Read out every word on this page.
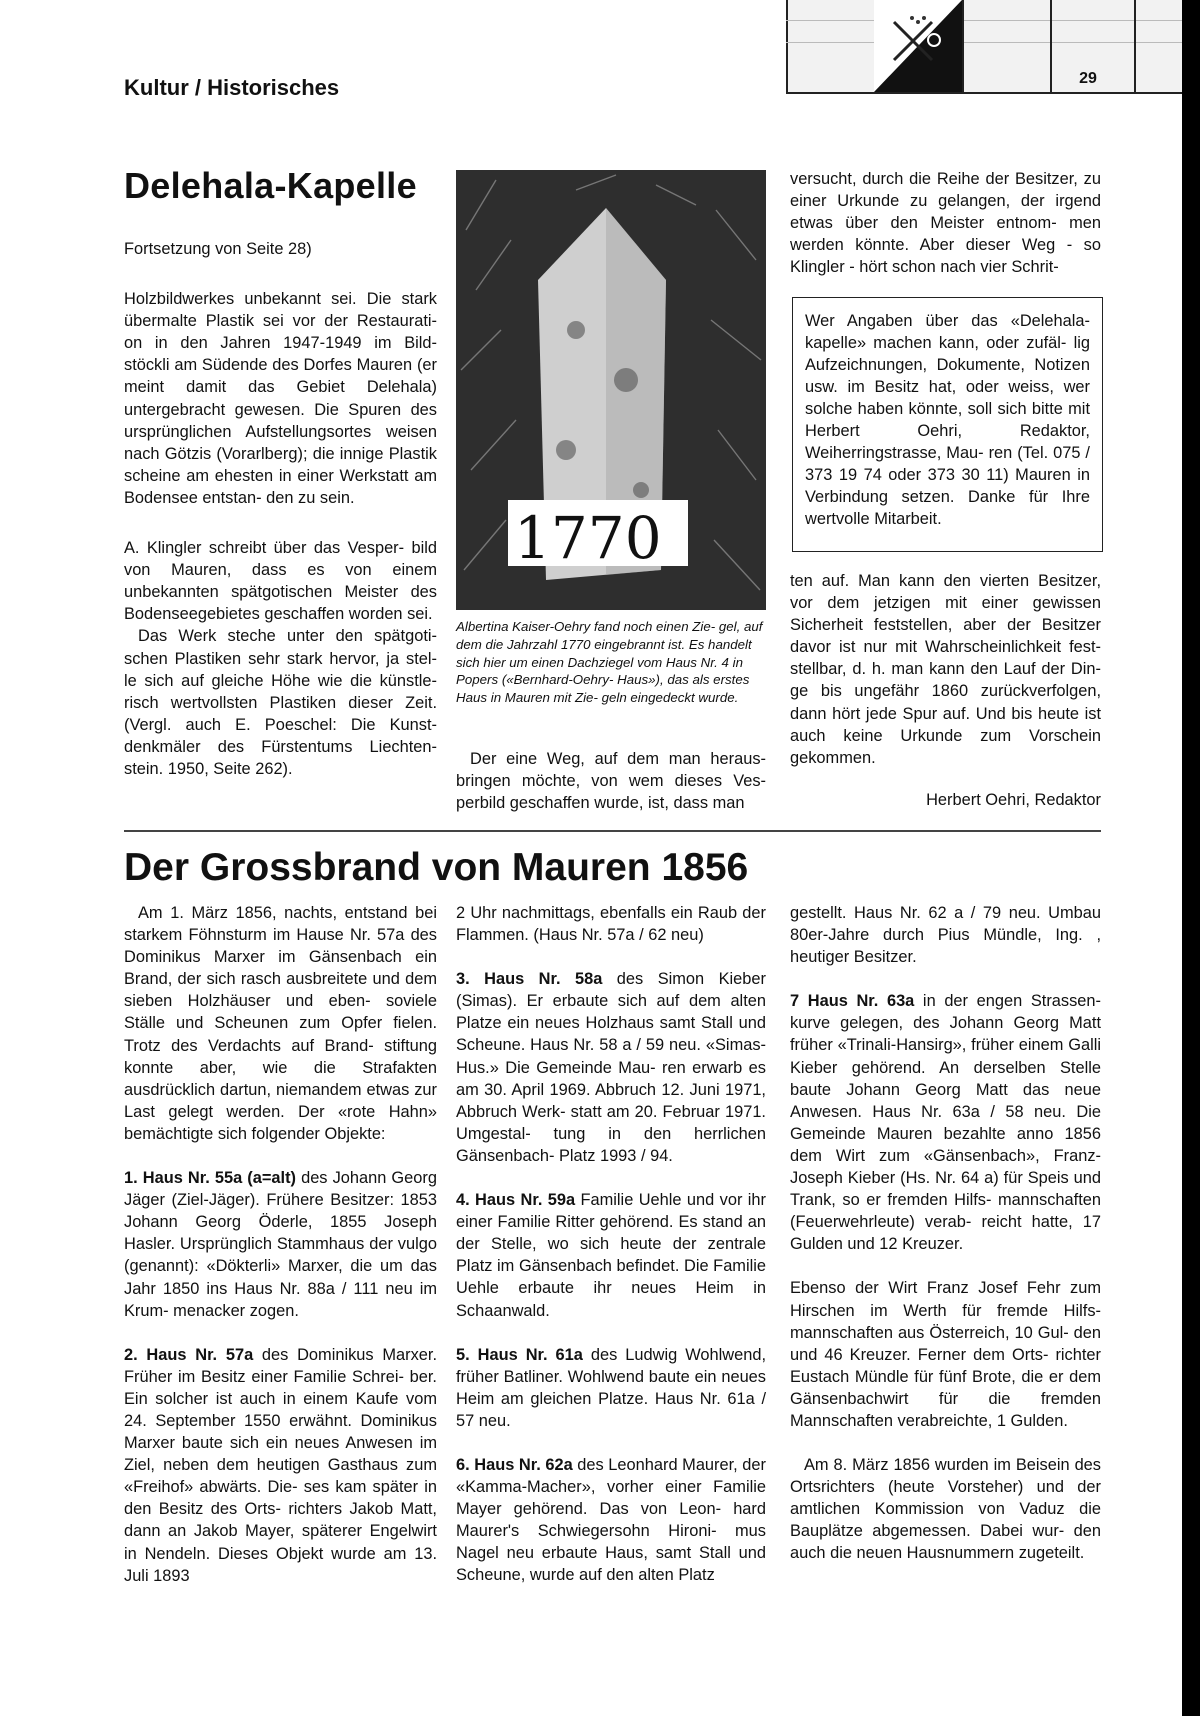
Kultur / Historisches	29
Delehala-Kapelle

Fortsetzung von Seite 28)

Holzbildwerkes unbekannt sei. Die stark übermalte Plastik sei vor der Restaurati- on in den Jahren 1947-1949 im Bild- stöckli am Südende des Dorfes Mauren (er meint damit das Gebiet Delehala) untergebracht gewesen. Die Spuren des ursprünglichen Aufstellungsortes weisen nach Götzis (Vorarlberg); die innige Plastik scheine am ehesten in einer Werkstatt am Bodensee entstan- den zu sein.

A. Klingler schreibt über das Vesper- bild von Mauren, dass es von einem unbekannten spätgotischen Meister des Bodenseegebietes geschaffen worden sei.

Das Werk steche unter den spätgoti- schen Plastiken sehr stark hervor, ja stel- le sich auf gleiche Höhe wie die künstle- risch wertvollsten Plastiken dieser Zeit. (Vergl. auch E. Poeschel: Die Kunst- denkmäler des Fürstentums Liechten- stein. 1950, Seite 262).

1770
Albertina Kaiser-Oehry fand noch einen Zie- gel, auf dem die Jahrzahl 1770 eingebrannt ist. Es handelt sich hier um einen Dachziegel vom Haus Nr. 4 in Popers («Bernhard-Oehry- Haus»), das als erstes Haus in Mauren mit Zie- geln eingedeckt wurde.

Der eine Weg, auf dem man heraus- bringen möchte, von wem dieses Ves- perbild geschaffen wurde, ist, dass man

versucht, durch die Reihe der Besitzer, zu einer Urkunde zu gelangen, der irgend etwas über den Meister entnom- men werden könnte. Aber dieser Weg - so Klingler - hört schon nach vier Schrit-

Wer Angaben über das «Delehala- kapelle» machen kann, oder zufäl- lig Aufzeichnungen, Dokumente, Notizen usw. im Besitz hat, oder weiss, wer solche haben könnte, soll sich bitte mit Herbert Oehri, Redaktor, Weiherringstrasse, Mau- ren (Tel. 075 / 373 19 74 oder 373 30 11) Mauren in Verbindung setzen. Danke für Ihre wertvolle Mitarbeit.

ten auf. Man kann den vierten Besitzer, vor dem jetzigen mit einer gewissen Sicherheit feststellen, aber der Besitzer davor ist nur mit Wahrscheinlichkeit fest- stellbar, d. h. man kann den Lauf der Din- ge bis ungefähr 1860 zurückverfolgen, dann hört jede Spur auf. Und bis heute ist auch keine Urkunde zum Vorschein gekommen.

Herbert Oehri, Redaktor
Der Grossbrand von Mauren 1856

Am 1. März 1856, nachts, entstand bei starkem Föhnsturm im Hause Nr. 57a des Dominikus Marxer im Gänsenbach ein Brand, der sich rasch ausbreitete und dem sieben Holzhäuser und eben- soviele Ställe und Scheunen zum Opfer fielen. Trotz des Verdachts auf Brand- stiftung konnte aber, wie die Strafakten ausdrücklich dartun, niemandem etwas zur Last gelegt werden. Der «rote Hahn» bemächtigte sich folgender Objekte:

1. Haus Nr. 55a (a=alt) des Johann Georg Jäger (Ziel-Jäger). Frühere Besitzer: 1853 Johann Georg Öderle, 1855 Joseph Hasler. Ursprünglich Stammhaus der vulgo (genannt): «Dökterli» Marxer, die um das Jahr 1850 ins Haus Nr. 88a / 111 neu im Krum- menacker zogen.

2. Haus Nr. 57a des Dominikus Marxer. Früher im Besitz einer Familie Schrei- ber. Ein solcher ist auch in einem Kaufe vom 24. September 1550 erwähnt. Dominikus Marxer baute sich ein neues Anwesen im Ziel, neben dem heutigen Gasthaus zum «Freihof» abwärts. Die- ses kam später in den Besitz des Orts- richters Jakob Matt, dann an Jakob Mayer, späterer Engelwirt in Nendeln. Dieses Objekt wurde am 13. Juli 1893

2 Uhr nachmittags, ebenfalls ein Raub der Flammen. (Haus Nr. 57a / 62 neu)

3. Haus Nr. 58a des Simon Kieber (Simas). Er erbaute sich auf dem alten Platze ein neues Holzhaus samt Stall und Scheune. Haus Nr. 58 a / 59 neu. «Simas-Hus.» Die Gemeinde Mau- ren erwarb es am 30. April 1969. Abbruch 12. Juni 1971, Abbruch Werk- statt am 20. Februar 1971. Umgestal- tung in den herrlichen Gänsenbach- Platz 1993 / 94.

4. Haus Nr. 59a Familie Uehle und vor ihr einer Familie Ritter gehörend. Es stand an der Stelle, wo sich heute der zentrale Platz im Gänsenbach befindet. Die Familie Uehle erbaute ihr neues Heim in Schaanwald.

5. Haus Nr. 61a des Ludwig Wohlwend, früher Batliner. Wohlwend baute ein neues Heim am gleichen Platze. Haus Nr. 61a / 57 neu.

6. Haus Nr. 62a des Leonhard Maurer, der «Kamma-Macher», vorher einer Familie Mayer gehörend. Das von Leon- hard Maurer's Schwiegersohn Hironi- mus Nagel neu erbaute Haus, samt Stall und Scheune, wurde auf den alten Platz

gestellt. Haus Nr. 62 a / 79 neu. Umbau 80er-Jahre durch Pius Mündle, Ing. , heutiger Besitzer.

7 Haus Nr. 63a in der engen Strassen- kurve gelegen, des Johann Georg Matt früher «Trinali-Hansirg», früher einem Galli Kieber gehörend. An derselben Stelle baute Johann Georg Matt das neue Anwesen. Haus Nr. 63a / 58 neu. Die Gemeinde Mauren bezahlte anno 1856 dem Wirt zum «Gänsenbach», Franz-Joseph Kieber (Hs. Nr. 64 a) für Speis und Trank, so er fremden Hilfs- mannschaften (Feuerwehrleute) verab- reicht hatte, 17 Gulden und 12 Kreuzer.

Ebenso der Wirt Franz Josef Fehr zum Hirschen im Werth für fremde Hilfs- mannschaften aus Österreich, 10 Gul- den und 46 Kreuzer. Ferner dem Orts- richter Eustach Mündle für fünf Brote, die er dem Gänsenbachwirt für die fremden Mannschaften verabreichte, 1 Gulden.

Am 8. März 1856 wurden im Beisein des Ortsrichters (heute Vorsteher) und der amtlichen Kommission von Vaduz die Bauplätze abgemessen. Dabei wur- den auch die neuen Hausnummern zugeteilt.
